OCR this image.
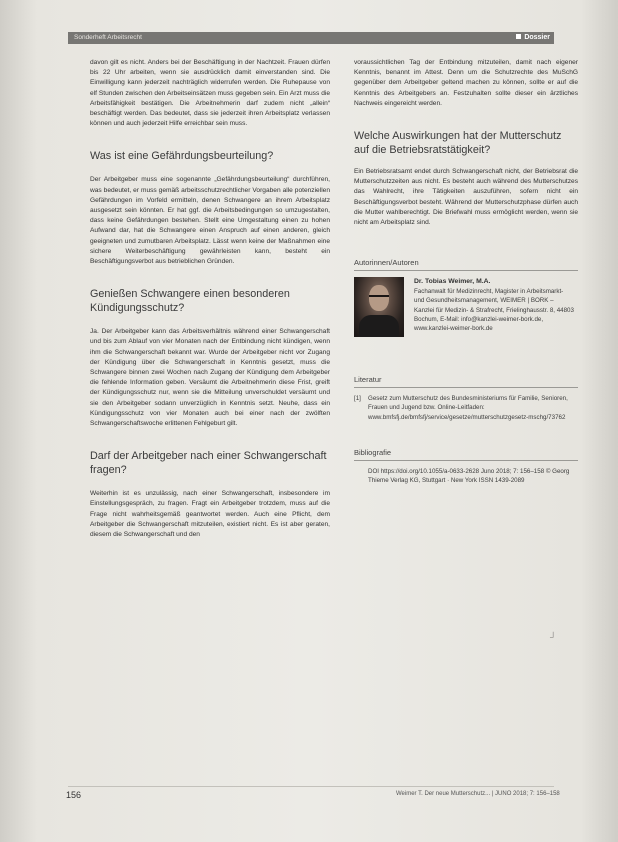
Sonderheft Arbeitsrecht	Dossier

davon gilt es nicht. Anders bei der Beschäftigung in der Nachtzeit. Frauen dürfen bis 22 Uhr arbeiten, wenn sie ausdrücklich damit einverstanden sind. Die Einwilligung kann jederzeit nachträglich widerrufen werden. Die Ruhepause von elf Stunden zwischen den Arbeitseinsätzen muss gegeben sein. Ein Arzt muss die Arbeitsfähigkeit bestätigen. Die Arbeitnehmerin darf zudem nicht „allein“ beschäftigt werden. Das bedeutet, dass sie jederzeit ihren Arbeitsplatz verlassen können und auch jederzeit Hilfe erreichbar sein muss.

Was ist eine Gefährdungsbeurteilung?

Der Arbeitgeber muss eine sogenannte „Gefährdungsbeurteilung“ durchführen, was bedeutet, er muss gemäß arbeitsschutzrechtlicher Vorgaben alle potenziellen Gefährdungen im Vorfeld ermitteln, denen Schwangere an ihrem Arbeitsplatz ausgesetzt sein könnten. Er hat ggf. die Arbeitsbedingungen so umzugestalten, dass keine Gefährdungen bestehen. Stellt eine Umgestaltung einen zu hohen Aufwand dar, hat die Schwangere einen Anspruch auf einen anderen, gleich geeigneten und zumutbaren Arbeitsplatz. Lässt wenn keine der Maßnahmen eine sichere Weiterbeschäftigung gewährleisten kann, besteht ein Beschäftigungsverbot aus betrieblichen Gründen.

Genießen Schwangere einen besonderen Kündigungsschutz?

Ja. Der Arbeitgeber kann das Arbeitsverhältnis während einer Schwangerschaft und bis zum Ablauf von vier Monaten nach der Entbindung nicht kündigen, wenn ihm die Schwangerschaft bekannt war. Wurde der Arbeitgeber nicht vor Zugang der Kündigung über die Schwangerschaft in Kenntnis gesetzt, muss die Schwangere binnen zwei Wochen nach Zugang der Kündigung dem Arbeitgeber die fehlende Information geben. Versäumt die Arbeitnehmerin diese Frist, greift der Kündigungsschutz nur, wenn sie die Mitteilung unverschuldet versäumt und sie den Arbeitgeber sodann unverzüglich in Kenntnis setzt. Neuhe, dass ein Kündigungsschutz von vier Monaten auch bei einer nach der zwölften Schwangerschaftswoche erlittenen Fehlgeburt gilt.

Darf der Arbeitgeber nach einer Schwangerschaft fragen?

Weiterhin ist es unzulässig, nach einer Schwangerschaft, insbesondere im Einstellungsgespräch, zu fragen. Fragt ein Arbeitgeber trotzdem, muss auf die Frage nicht wahrheitsgemäß geantwortet werden. Auch eine Pflicht, dem Arbeitgeber die Schwangerschaft mitzuteilen, existiert nicht. Es ist aber geraten, diesem die Schwangerschaft und den

voraussichtlichen Tag der Entbindung mitzuteilen, damit nach eigener Kenntnis, benannt im Attest. Denn um die Schutzrechte des MuSchG gegenüber dem Arbeitgeber geltend machen zu können, sollte er auf die Kenntnis des Arbeitgebers an. Festzuhalten sollte dieser ein ärztliches Nachweis eingereicht werden.

Welche Auswirkungen hat der Mutterschutz auf die Betriebsratstätigkeit?

Ein Betriebsratsamt endet durch Schwangerschaft nicht, der Betriebsrat die Mutterschutzzeiten aus nicht. Es besteht auch während des Mutterschutzes das Wahlrecht, ihre Tätigkeiten auszuführen, sofern nicht ein Beschäftigungsverbot besteht. Während der Mutterschutzphase dürfen auch die Mutter wahlberechtigt. Die Briefwahl muss ermöglicht werden, wenn sie nicht am Arbeitsplatz sind.

Autorinnen/Autoren
Dr. Tobias Weimer, M.A.
Fachanwalt für Medizinrecht, Magister in Arbeitsmarkt- und Gesundheitsmanagement, WEIMER | BORK – Kanzlei für Medizin- & Strafrecht, Frielinghausstr. 8, 44803 Bochum, E-Mail: info@kanzlei-weimer-bork.de, www.kanzlei-weimer-bork.de
Literatur
[1]	Gesetz zum Mutterschutz des Bundesministeriums für Familie, Senioren, Frauen und Jugend bzw. Online-Leitfaden: www.bmfsfj.de/bmfsfj/service/gesetze/mutterschutzgesetz-mschg/73762
Bibliografie
DOI https://doi.org/10.1055/a-0633-2628 Juno 2018; 7: 156–158 © Georg Thieme Verlag KG, Stuttgart · New York ISSN 1439-2089
┘
156	Weimer T. Der neue Mutterschutz... | JUNO 2018; 7: 156–158
